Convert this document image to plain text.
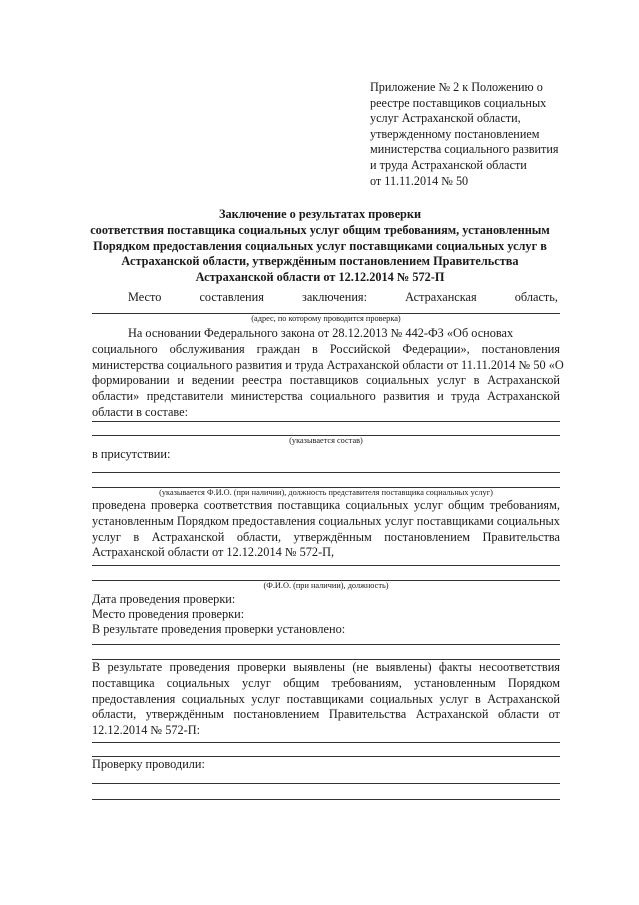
Приложение № 2 к Положению о
реестре поставщиков социальных
услуг Астраханской области,
утвержденному постановлением
министерства социального развития
и труда Астраханской области
от 11.11.2014 № 50
Заключение о результатах проверки
соответствия поставщика социальных услуг общим требованиям, установленным
Порядком предоставления социальных услуг поставщиками социальных услуг в
Астраханской области, утверждённым постановлением Правительства
Астраханской области от 12.12.2014 № 572-П
Место	составления	заключения:	Астраханская	область,
(адрес, по которому проводится проверка)
На основании Федерального закона от 28.12.2013 № 442-ФЗ «Об основах
социального обслуживания граждан в Российской Федерации», постановления
министерства социального развития и труда Астраханской области от 11.11.2014 № 50 «О
формировании и ведении реестра поставщиков социальных услуг в Астраханской
области» представители министерства социального развития и труда Астраханской
области в составе:
(указывается состав)
в присутствии:
(указывается Ф.И.О. (при наличии), должность представителя поставщика социальных услуг)
проведена проверка соответствия поставщика социальных услуг общим требованиям,
установленным Порядком предоставления социальных услуг поставщиками социальных
услуг в Астраханской области, утверждённым постановлением Правительства
Астраханской области от 12.12.2014 № 572-П,
(Ф.И.О. (при наличии), должность)
Дата проведения проверки:
Место проведения проверки:
В результате проведения проверки установлено:
В результате проведения проверки выявлены (не выявлены) факты несоответствия
поставщика социальных услуг общим требованиям, установленным Порядком
предоставления социальных услуг поставщиками социальных услуг в Астраханской
области, утверждённым постановлением Правительства Астраханской области от
12.12.2014 № 572-П:
Проверку проводили:
